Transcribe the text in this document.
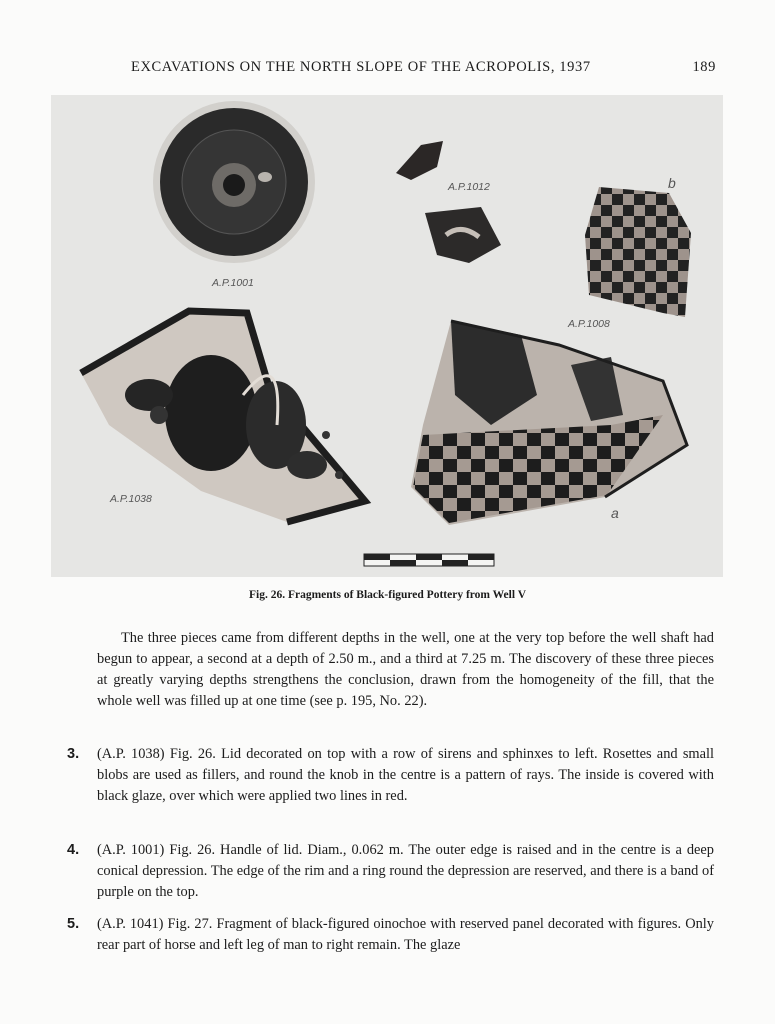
EXCAVATIONS ON THE NORTH SLOPE OF THE ACROPOLIS, 1937	189
A.P.1001
A.P.1012
A.P.1008
A.P.1038
b
a
Fig. 26. Fragments of Black-figured Pottery from Well V
The three pieces came from different depths in the well, one at the very top before the well shaft had begun to appear, a second at a depth of 2.50 m., and a third at 7.25 m. The discovery of these three pieces at greatly varying depths strengthens the conclusion, drawn from the homogeneity of the fill, that the whole well was filled up at one time (see p. 195, No. 22).
3. (A.P. 1038) Fig. 26. Lid decorated on top with a row of sirens and sphinxes to left. Rosettes and small blobs are used as fillers, and round the knob in the centre is a pattern of rays. The inside is covered with black glaze, over which were applied two lines in red.
4. (A.P. 1001) Fig. 26. Handle of lid. Diam., 0.062 m. The outer edge is raised and in the centre is a deep conical depression. The edge of the rim and a ring round the depression are reserved, and there is a band of purple on the top.
5. (A.P. 1041) Fig. 27. Fragment of black-figured oinochoe with reserved panel decorated with figures. Only rear part of horse and left leg of man to right remain. The glaze
